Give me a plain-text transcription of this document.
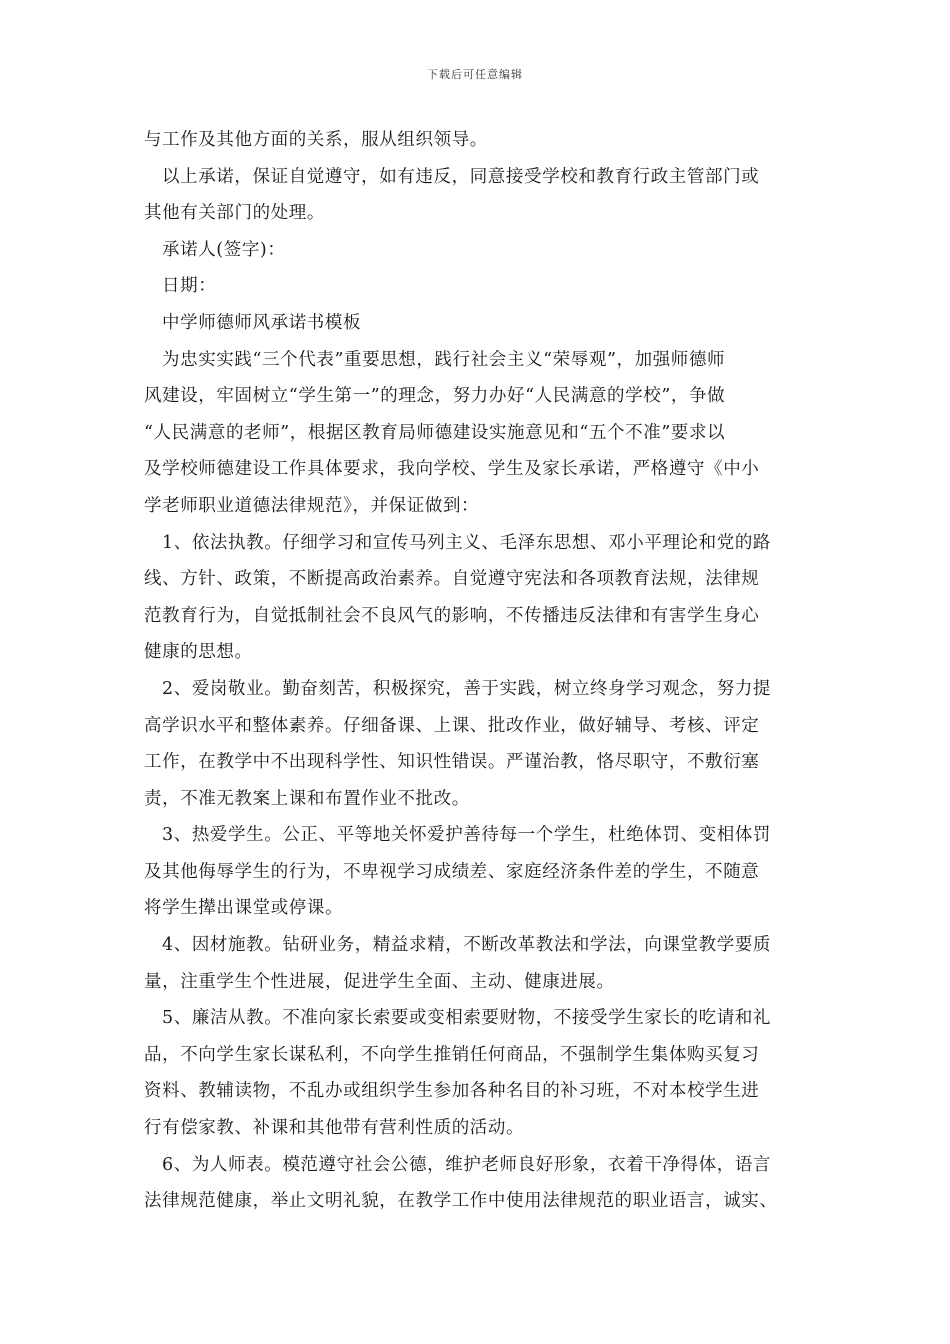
下载后可任意编辑
与工作及其他方面的关系，服从组织领导。
以上承诺，保证自觉遵守，如有违反，同意接受学校和教育行政主管部门或
其他有关部门的处理。
承诺人(签字)：
日期：
中学师德师风承诺书模板
为忠实实践“三个代表”重要思想，践行社会主义“荣辱观”，加强师德师
风建设，牢固树立“学生第一”的理念，努力办好“人民满意的学校”，争做
“人民满意的老师”，根据区教育局师德建设实施意见和“五个不准”要求以
及学校师德建设工作具体要求，我向学校、学生及家长承诺，严格遵守《中小
学老师职业道德法律规范》，并保证做到：
1、依法执教。仔细学习和宣传马列主义、毛泽东思想、邓小平理论和党的路
线、方针、政策，不断提高政治素养。自觉遵守宪法和各项教育法规，法律规
范教育行为，自觉抵制社会不良风气的影响，不传播违反法律和有害学生身心
健康的思想。
2、爱岗敬业。勤奋刻苦，积极探究，善于实践，树立终身学习观念，努力提
高学识水平和整体素养。仔细备课、上课、批改作业，做好辅导、考核、评定
工作，在教学中不出现科学性、知识性错误。严谨治教，恪尽职守，不敷衍塞
责，不准无教案上课和布置作业不批改。
3、热爱学生。公正、平等地关怀爱护善待每一个学生，杜绝体罚、变相体罚
及其他侮辱学生的行为，不卑视学习成绩差、家庭经济条件差的学生，不随意
将学生撵出课堂或停课。
4、因材施教。钻研业务，精益求精，不断改革教法和学法，向课堂教学要质
量，注重学生个性进展，促进学生全面、主动、健康进展。
5、廉洁从教。不准向家长索要或变相索要财物，不接受学生家长的吃请和礼
品，不向学生家长谋私利，不向学生推销任何商品，不强制学生集体购买复习
资料、教辅读物，不乱办或组织学生参加各种名目的补习班，不对本校学生进
行有偿家教、补课和其他带有营利性质的活动。
6、为人师表。模范遵守社会公德，维护老师良好形象，衣着干净得体，语言
法律规范健康，举止文明礼貌，在教学工作中使用法律规范的职业语言，诚实、
